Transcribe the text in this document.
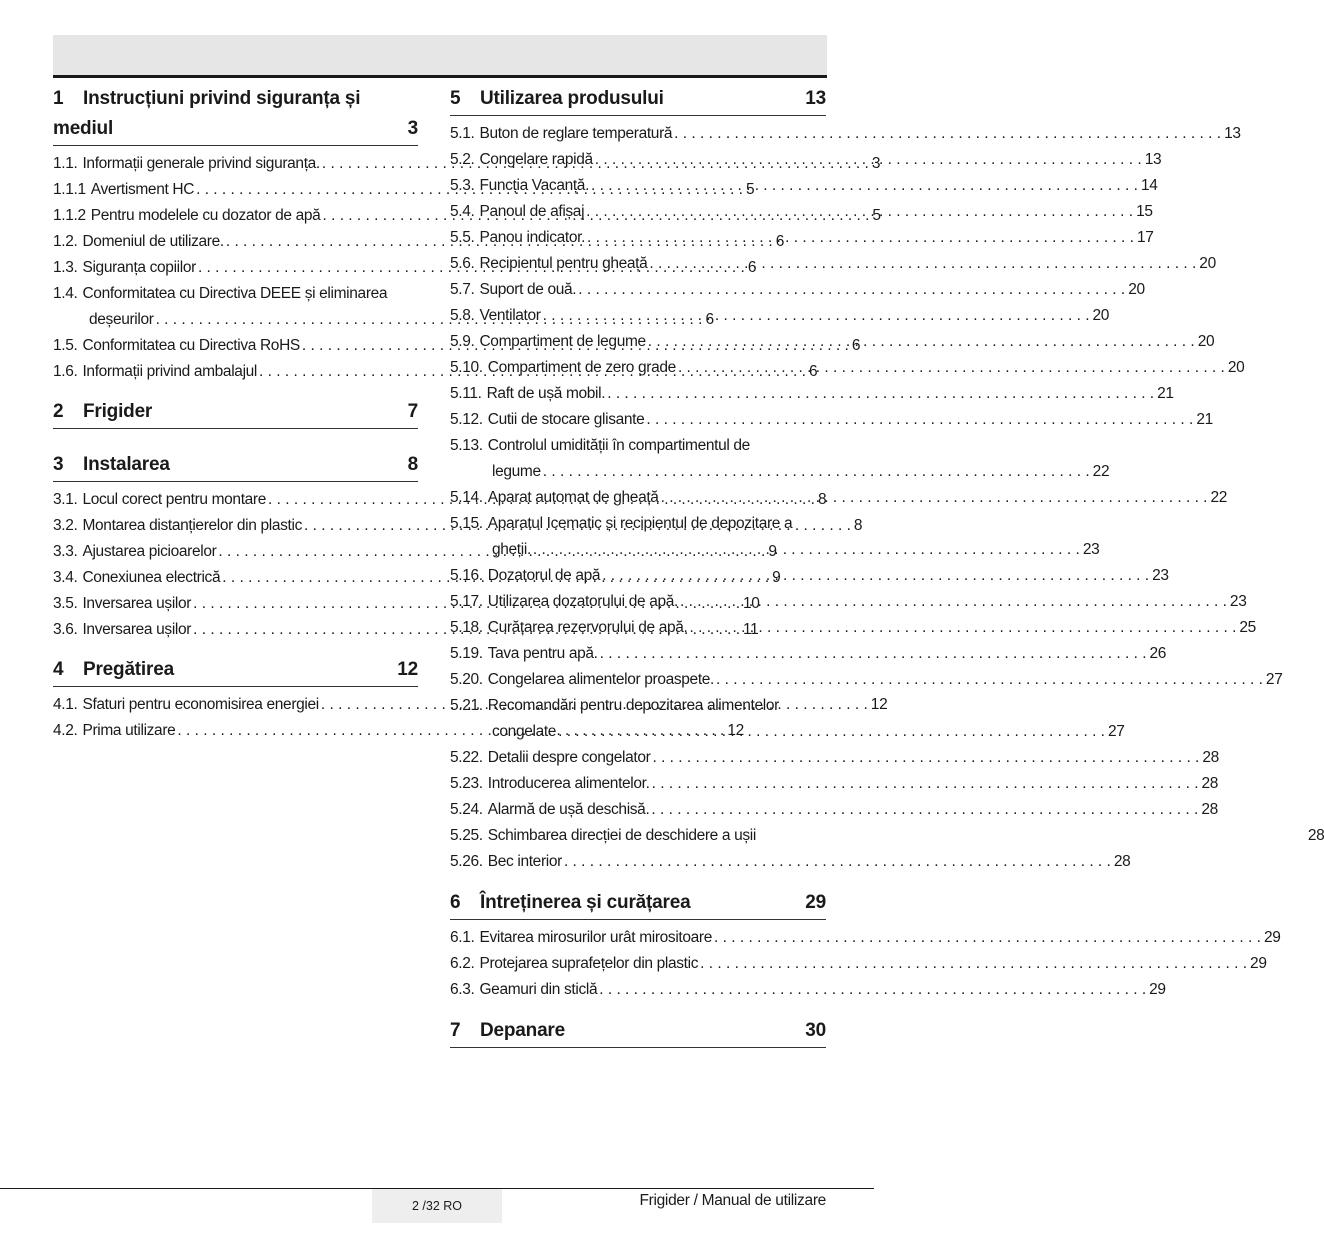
1	Instrucțiuni privind siguranța și
mediul	3
1.1. Informații generale privind siguranța. . . .	3
1.1.1 Avertisment HC . . .	5
1.1.2 Pentru modelele cu dozator de apă . . .	5
1.2. Domeniul de utilizare. . . .	6
1.3. Siguranța copiilor . . .	6
1.4. Conformitatea cu Directiva DEEE și eliminarea
deșeurilor . . .	6
1.5. Conformitatea cu Directiva RoHS . . .	6
1.6. Informații privind ambalajul . . .	6
2	Frigider	7
3	Instalarea	8
3.1. Locul corect pentru montare . . .	8
3.2. Montarea distanțierelor din plastic . . .	8
3.3. Ajustarea picioarelor . . .	9
3.4. Conexiunea electrică . . .	9
3.5. Inversarea ușilor . . .	10
3.6. Inversarea ușilor . . .	11
4	Pregătirea	12
4.1. Sfaturi pentru economisirea energiei . . .	12
4.2. Prima utilizare . . .	12
5	Utilizarea produsului	13
5.1. Buton de reglare temperatură . . .	13
5.2. Congelare rapidă . . .	13
5.3. Funcția Vacanță. . . .	14
5.4. Panoul de afișaj . . .	15
5.5. Panou indicator. . . .	17
5.6. Recipientul pentru gheață . . .	20
5.7. Suport de ouă. . . .	20
5.8. Ventilator . . .	20
5.9. Compartiment de legume . . .	20
5.10. Compartiment de zero grade . . .	20
5.11. Raft de ușă mobil. . . .	21
5.12. Cutii de stocare glisante . . .	21
5.13. Controlul umidității în compartimentul de
legume . . .	22
5.14. Aparat automat de gheață . . .	22
5.15. Aparatul Icematic și recipientul de depozitare a
gheții. . . .	23
5.16. Dozatorul de apă . . .	23
5.17. Utilizarea dozatorului de apă. . . .	23
5.18. Curățarea rezervorului de apă. . . .	25
5.19. Tava pentru apă. . . .	26
5.20. Congelarea alimentelor proaspete. . . .	27
5.21. Recomandări pentru depozitarea alimentelor
congelate . . .	27
5.22. Detalii despre congelator . . .	28
5.23. Introducerea alimentelor. . . .	28
5.24. Alarmă de ușă deschisă. . . .	28
5.25. Schimbarea direcției de deschidere a ușii	28
5.26. Bec interior . . .	28
6	Întreținerea și curățarea	29
6.1. Evitarea mirosurilor urât mirositoare . . .	29
6.2. Protejarea suprafețelor din plastic . . .	29
6.3. Geamuri din sticlă . . .	29
7	Depanare	30
2 /32 RO	Frigider / Manual de utilizare
